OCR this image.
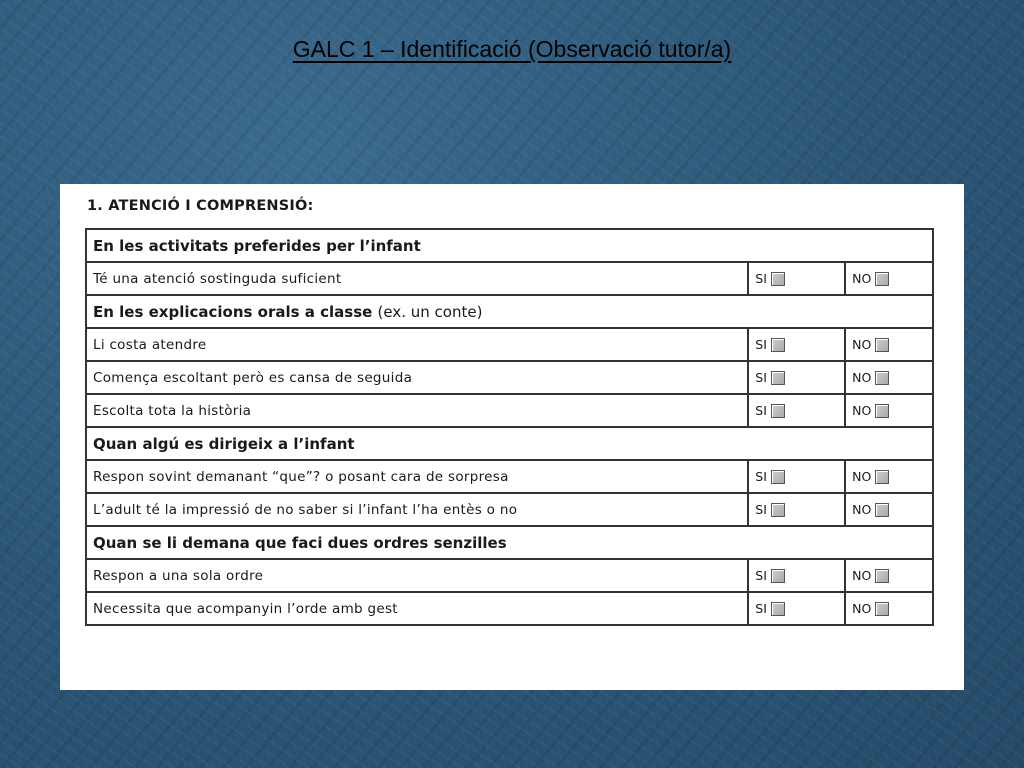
GALC 1 – Identificació (Observació tutor/a)
1. ATENCIÓ I COMPRENSIÓ:
En les activitats preferides per l’infant		
Té una atenció sostinguda suficient	SI	NO

En les explicacions orals a classe (ex. un conte)		
Li costa atendre	SI	NO

Comença escoltant però es cansa de seguida	SI	NO

Escolta tota la història	SI	NO

Quan algú es dirigeix a l’infant		
Respon sovint demanant “que”? o posant cara de sorpresa	SI	NO

L’adult té la impressió de no saber si l’infant l’ha entès o no	SI	NO

Quan se li demana que faci dues ordres senzilles		
Respon a una sola ordre	SI	NO

Necessita que acompanyin l’orde amb gest	SI	NO
